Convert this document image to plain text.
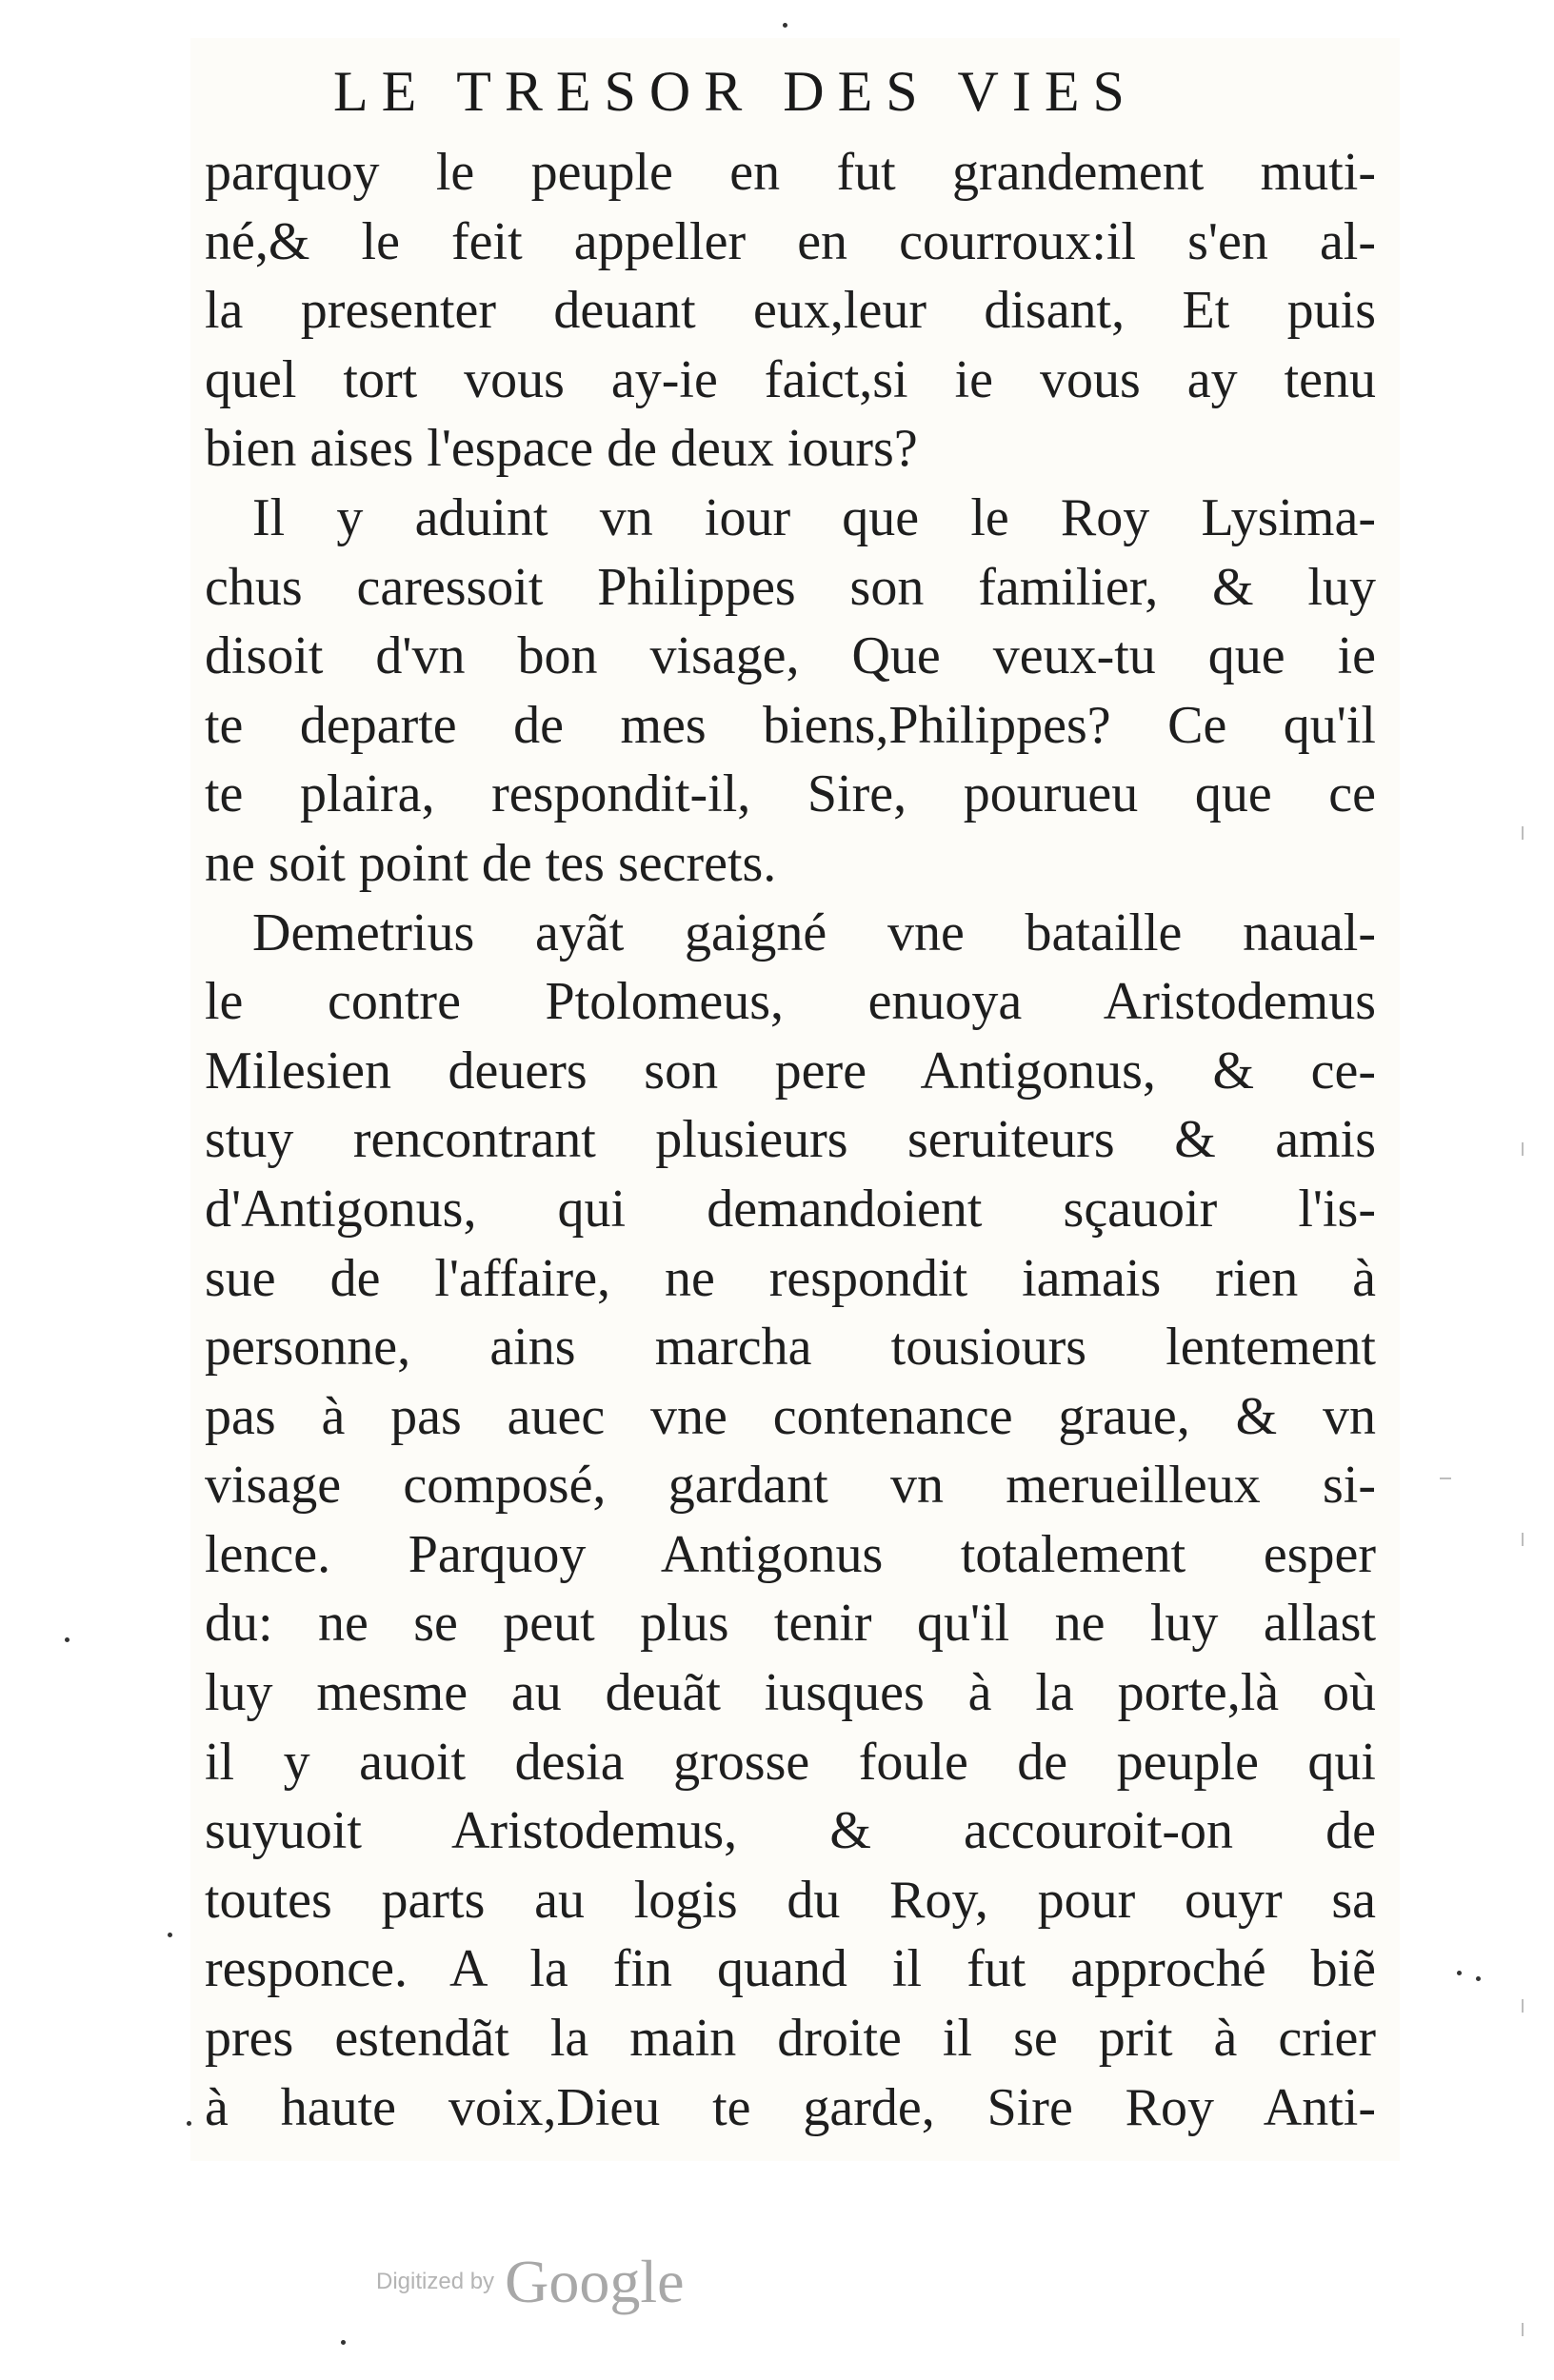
LE TRESOR DES VIES
parquoy le peuple en fut grandement muti-
né,& le feit appeller en courroux:il s'en al-
la presenter deuant eux,leur disant, Et puis
quel tort vous ay-ie faict,si ie vous ay tenu
bien aises l'espace de deux iours?
Il y aduint vn iour que le Roy Lysima-
chus caressoit Philippes son familier, & luy
disoit d'vn bon visage, Que veux-tu que ie
te departe de mes biens,Philippes? Ce qu'il
te plaira, respondit-il, Sire, pourueu que ce
ne soit point de tes secrets.
Demetrius ayãt gaigné vne bataille naual-
le contre Ptolomeus, enuoya Aristodemus
Milesien deuers son pere Antigonus, & ce-
stuy rencontrant plusieurs seruiteurs & amis
d'Antigonus, qui demandoient sçauoir l'is-
sue de l'affaire, ne respondit iamais rien à
personne, ains marcha tousiours lentement
pas à pas auec vne contenance graue, & vn
visage composé, gardant vn merueilleux si-
lence. Parquoy Antigonus totalement esper
du: ne se peut plus tenir qu'il ne luy allast
luy mesme au deuãt iusques à la porte,là où
il y auoit desia grosse foule de peuple qui
suyuoit Aristodemus, & accouroit-on de
toutes parts au logis du Roy, pour ouyr sa
responce. A la fin quand il fut approché biẽ
pres estendãt la main droite il se prit à crier
à haute voix,Dieu te garde, Sire Roy Anti-
Digitized by Google
